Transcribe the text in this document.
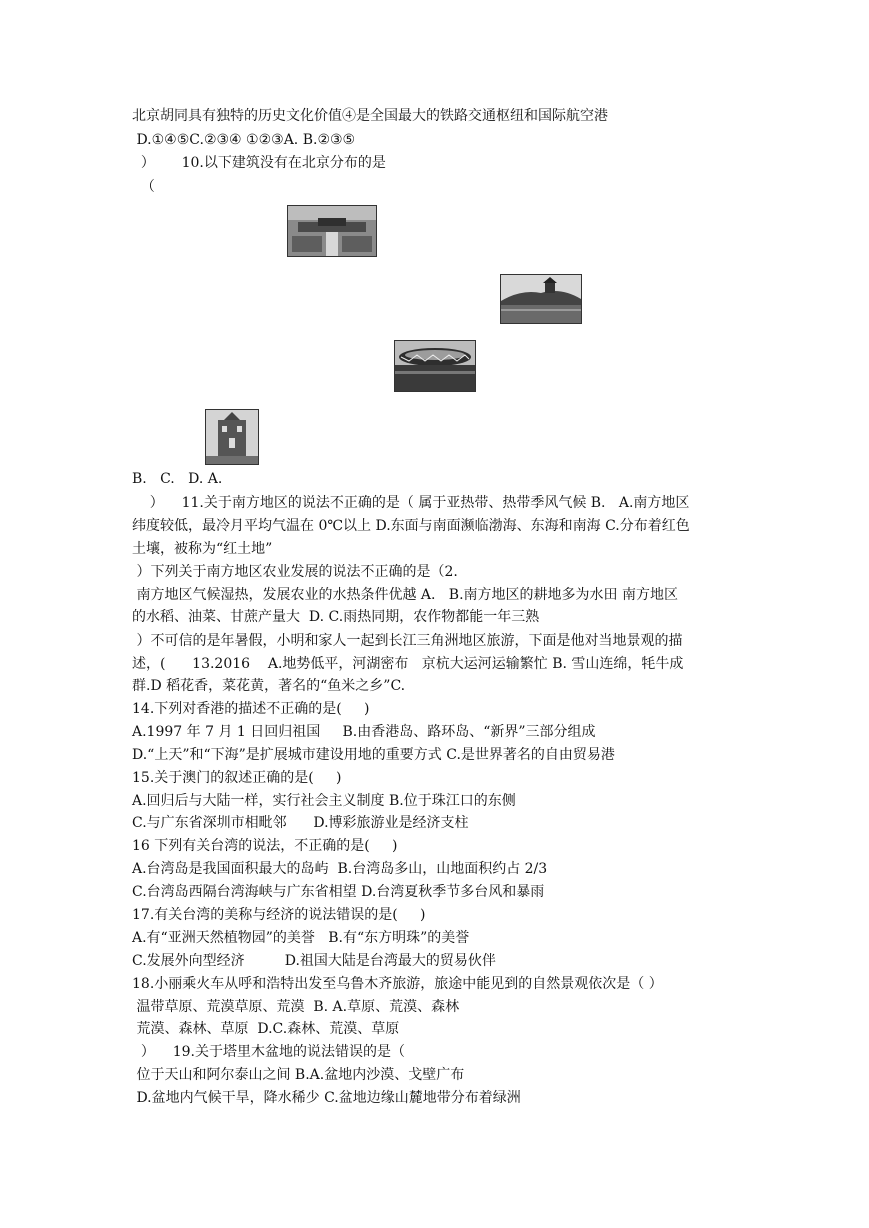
北京胡同具有独特的历史文化价值④是全国最大的铁路交通枢纽和国际航空港
D.①④⑤C.②③④ ①②③A. B.②③⑤
）      10.以下建筑没有在北京分布的是
（
B.   C.   D. A.
）    11.关于南方地区的说法不正确的是（ 属于亚热带、热带季风气候 B.   A.南方地区
纬度较低，最冷月平均气温在 0℃以上 D.东面与南面濒临渤海、东海和南海 C.分布着红色
土壤，被称为“红土地”
）下列关于南方地区农业发展的说法不正确的是（2.
南方地区气候湿热，发展农业的水热条件优越 A.   B.南方地区的耕地多为水田 南方地区
的水稻、油菜、甘蔗产量大  D. C.雨热同期，农作物都能一年三熟
）不可信的是年暑假，小明和家人一起到长江三角洲地区旅游，下面是他对当地景观的描
述，(      13.2016    A.地势低平，河湖密布   京杭大运河运输繁忙 B. 雪山连绵，牦牛成
群.D 稻花香，菜花黄，著名的“鱼米之乡”C.
14.下列对香港的描述不正确的是(     )
A.1997 年 7 月 1 日回归祖国     B.由香港岛、路环岛、“新界”三部分组成
D.“上天”和“下海”是扩展城市建设用地的重要方式 C.是世界著名的自由贸易港
15.关于澳门的叙述正确的是(     )
A.回归后与大陆一样，实行社会主义制度 B.位于珠江口的东侧
C.与广东省深圳市相毗邻      D.博彩旅游业是经济支柱
16 下列有关台湾的说法，不正确的是(     )
A.台湾岛是我国面积最大的岛屿  B.台湾岛多山，山地面积约占 2/3
C.台湾岛西隔台湾海峡与广东省相望 D.台湾夏秋季节多台风和暴雨
17.有关台湾的美称与经济的说法错误的是(     )
A.有“亚洲天然植物园”的美誉   B.有“东方明珠”的美誉
C.发展外向型经济         D.祖国大陆是台湾最大的贸易伙伴
18.小丽乘火车从呼和浩特出发至乌鲁木齐旅游，旅途中能见到的自然景观依次是（ ）
温带草原、荒漠草原、荒漠  B. A.草原、荒漠、森林
荒漠、森林、草原  D.C.森林、荒漠、草原
）    19.关于塔里木盆地的说法错误的是（
位于天山和阿尔泰山之间 B.A.盆地内沙漠、戈壁广布
D.盆地内气候干旱，降水稀少 C.盆地边缘山麓地带分布着绿洲
